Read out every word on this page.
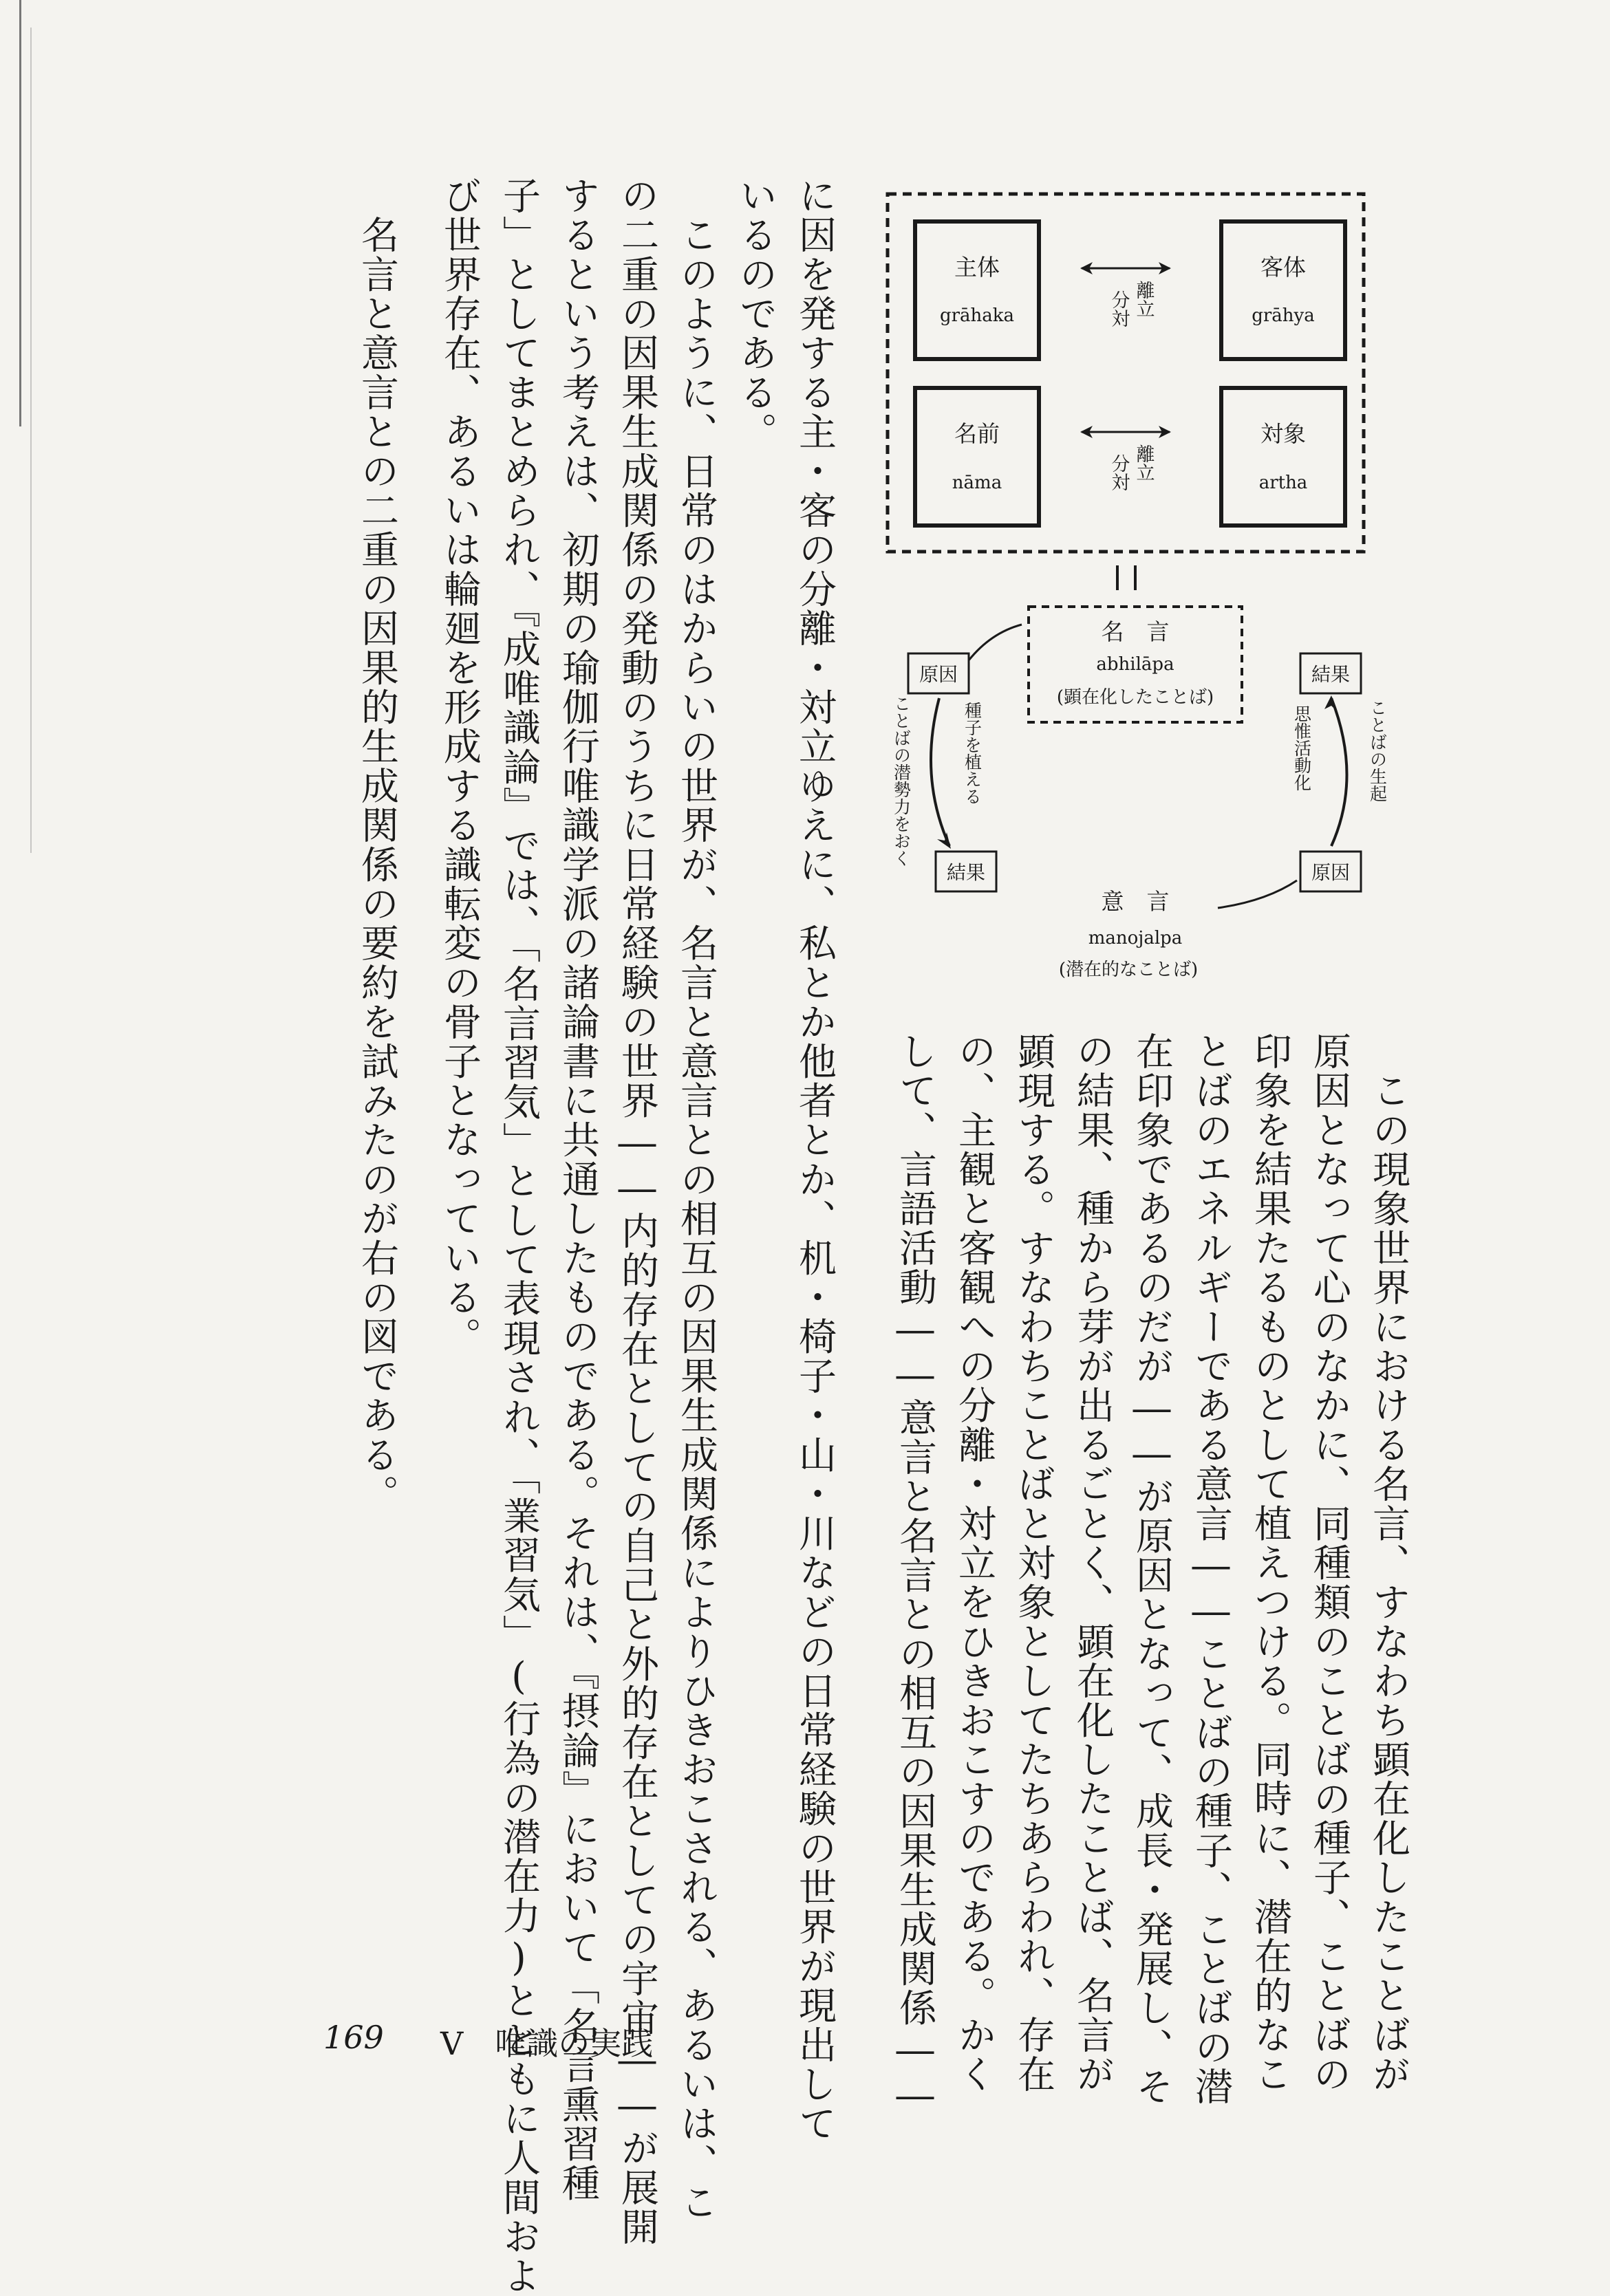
主体
grāhaka
客体
grāhya
名前
nāma
対象
artha
離立
分対
離立
分対
名　言
abhilāpa
(顕在化したことば)
原因
結果
種子を植える
ことばの潜勢力をおく
結果
原因
思惟活動化	ことばの生起
意　言
manojalpa
(潜在的なことば)
　この現象世界における名言、すなわち顕在化したことばが
原因となって心のなかに、同種類のことばの種子、ことばの
印象を結果たるものとして植えつける。同時に、潜在的なこ
とばのエネルギーである意言――ことばの種子、ことばの潜
在印象であるのだが――が原因となって、成長・発展し、そ
の結果、種から芽が出るごとく、顕在化したことば、名言が
顕現する。すなわちことばと対象としてたちあらわれ、存在
の、主観と客観への分離・対立をひきおこすのである。かく
して、言語活動――意言と名言との相互の因果生成関係――
に因を発する主・客の分離・対立ゆえに、私とか他者とか、机・椅子・山・川などの日常経験の世界が現出して
いるのである。
　このように、日常のはからいの世界が、名言と意言との相互の因果生成関係によりひきおこされる、あるいは、こ
の二重の因果生成関係の発動のうちに日常経験の世界――内的存在としての自己と外的存在としての宇宙――が展開
するという考えは、初期の瑜伽行唯識学派の諸論書に共通したものである。それは、『摂論』において「名言熏習種
子」としてまとめられ、『成唯識論』では、「名言習気」として表現され、「業習気」(行為の潜在力)とともに人間およ
び世界存在、あるいは輪廻を形成する識転変の骨子となっている。
　名言と意言との二重の因果的生成関係の要約を試みたのが右の図である。
169 V　唯識の実践
